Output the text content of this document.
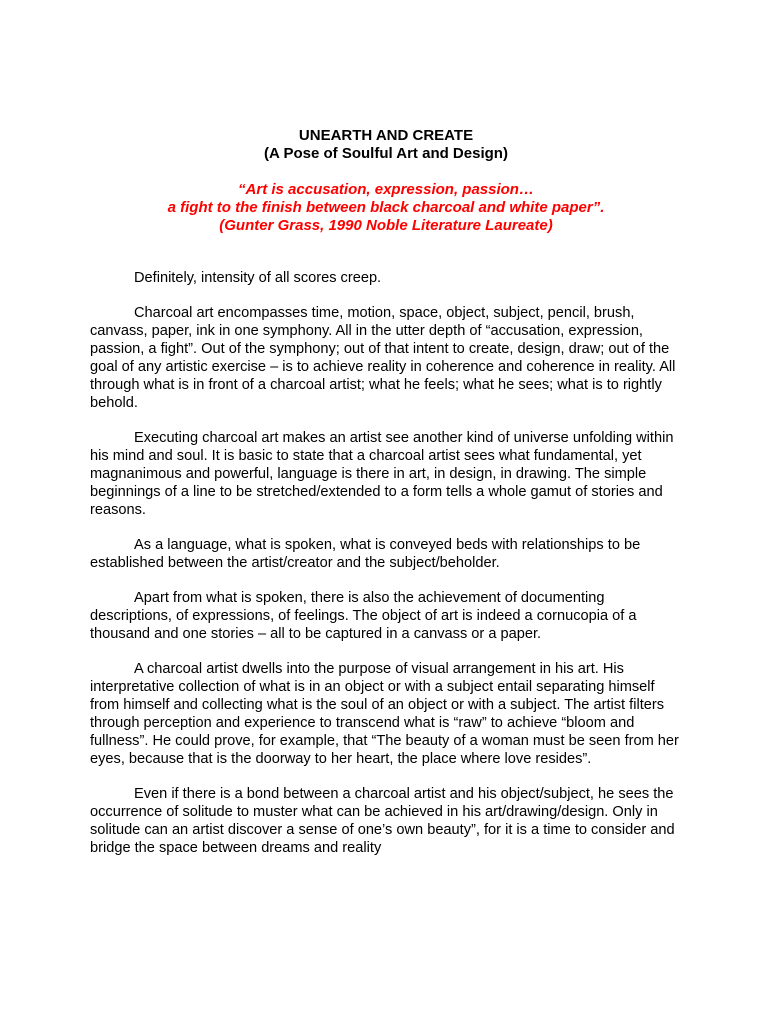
UNEARTH AND CREATE
(A Pose of Soulful Art and Design)
“Art is accusation, expression, passion…
a fight to the finish between black charcoal and white paper”.
(Gunter Grass, 1990 Noble Literature Laureate)

Definitely, intensity of all scores creep.

Charcoal art encompasses time, motion, space, object, subject, pencil, brush, canvass, paper, ink in one symphony. All in the utter depth of “accusation, expression, passion, a fight”. Out of the symphony; out of that intent to create, design, draw; out of the goal of any artistic exercise – is to achieve reality in coherence and coherence in reality. All through what is in front of a charcoal artist; what he feels; what he sees; what is to rightly behold.

Executing charcoal art makes an artist see another kind of universe unfolding within his mind and soul. It is basic to state that a charcoal artist sees what fundamental, yet magnanimous and powerful, language is there in art, in design, in drawing. The simple beginnings of a line to be stretched/extended to a form tells a whole gamut of stories and reasons.

As a language, what is spoken, what is conveyed beds with relationships to be established between the artist/creator and the subject/beholder.

Apart from what is spoken, there is also the achievement of documenting descriptions, of expressions, of feelings. The object of art is indeed a cornucopia of a thousand and one stories – all to be captured in a canvass or a paper.

A charcoal artist dwells into the purpose of visual arrangement in his art. His interpretative collection of what is in an object or with a subject entail separating himself from himself and collecting what is the soul of an object or with a subject. The artist filters through perception and experience to transcend what is “raw” to achieve “bloom and fullness”. He could prove, for example, that “The beauty of a woman must be seen from her eyes, because that is the doorway to her heart, the place where love resides”.

Even if there is a bond between a charcoal artist and his object/subject, he sees the occurrence of solitude to muster what can be achieved in his art/drawing/design. Only in solitude can an artist discover a sense of one’s own beauty”, for it is a time to consider and bridge the space between dreams and reality
